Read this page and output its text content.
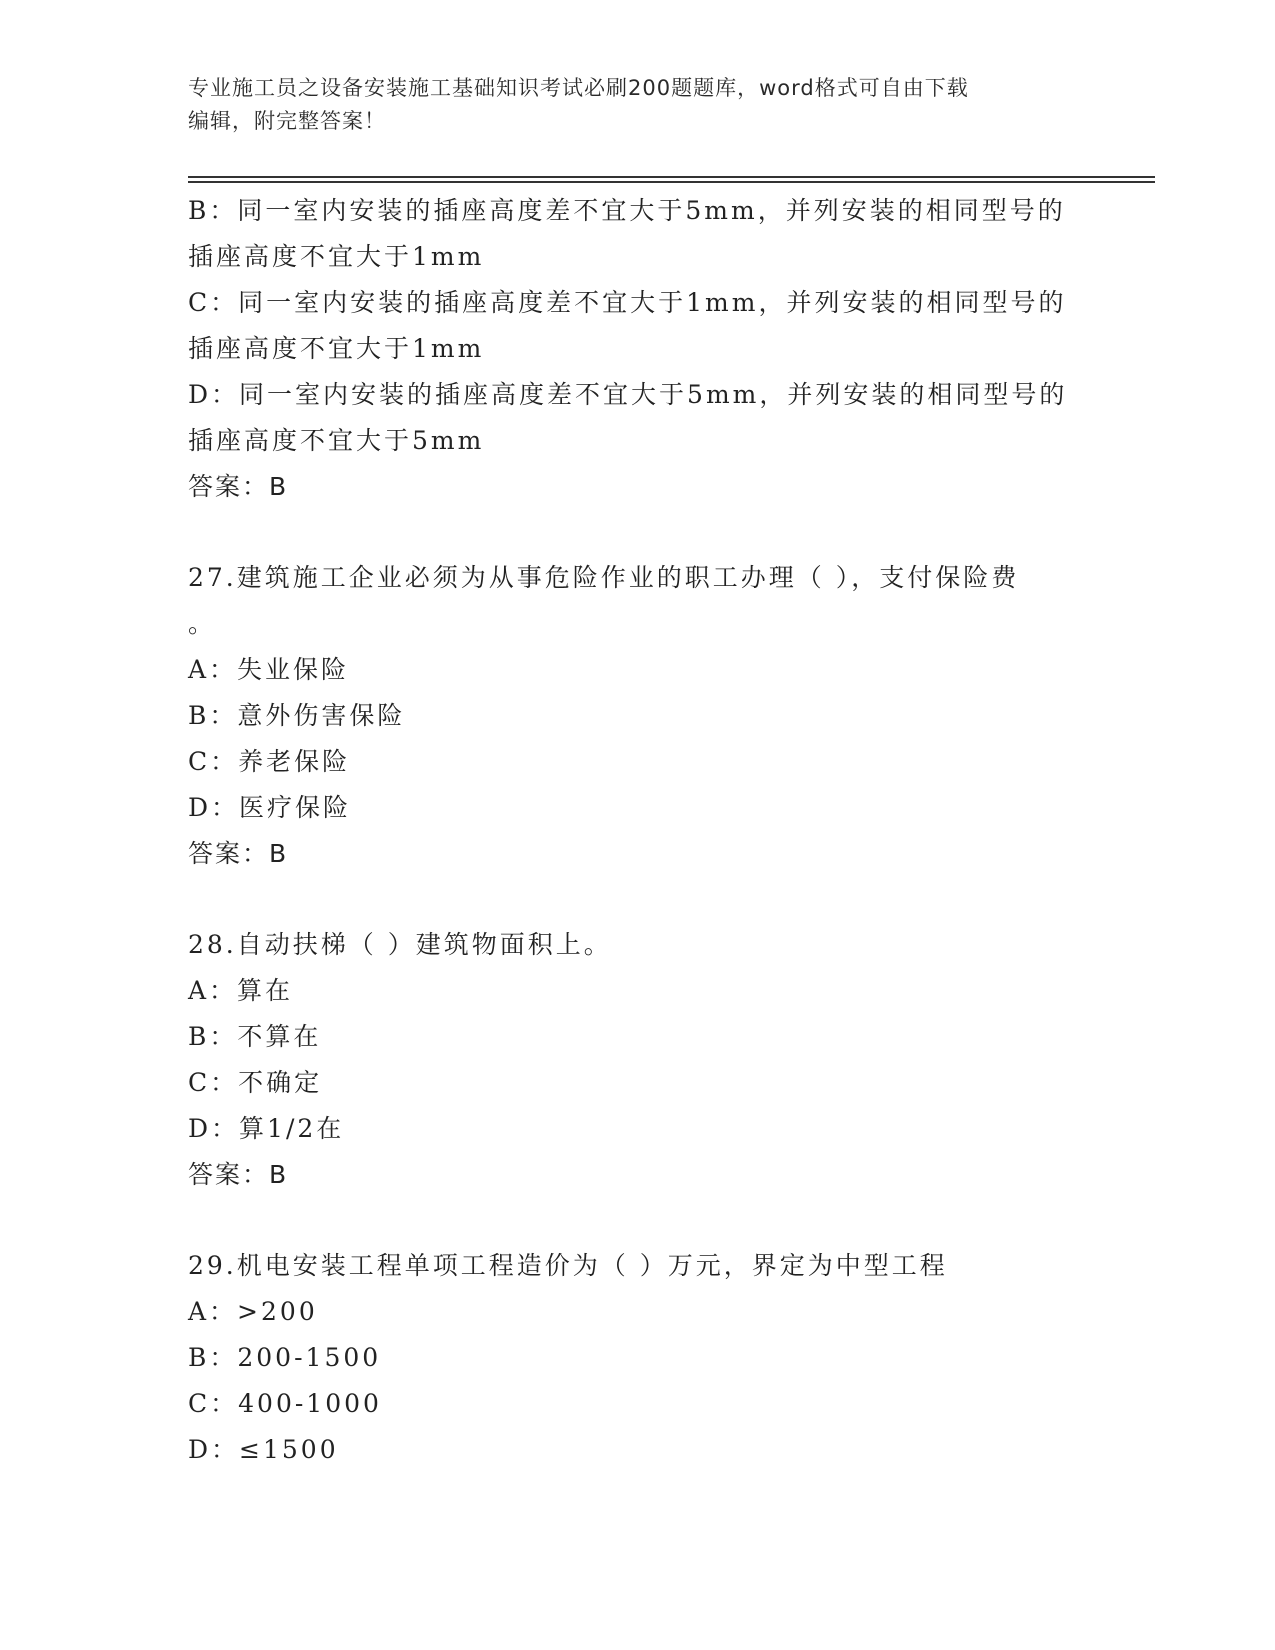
专业施工员之设备安装施工基础知识考试必刷200题题库，word格式可自由下载
编辑，附完整答案！
B：同一室内安装的插座高度差不宜大于5mm，并列安装的相同型号的
插座高度不宜大于1mm
C：同一室内安装的插座高度差不宜大于1mm，并列安装的相同型号的
插座高度不宜大于1mm
D：同一室内安装的插座高度差不宜大于5mm，并列安装的相同型号的
插座高度不宜大于5mm
答案：B
27.建筑施工企业必须为从事危险作业的职工办理（ ），支付保险费
。
A：失业保险
B：意外伤害保险
C：养老保险
D：医疗保险
答案：B
28.自动扶梯（ ）建筑物面积上。
A：算在
B：不算在
C：不确定
D：算1/2在
答案：B
29.机电安装工程单项工程造价为（ ）万元，界定为中型工程
A：>200
B：200-1500
C：400-1000
D：≤1500
